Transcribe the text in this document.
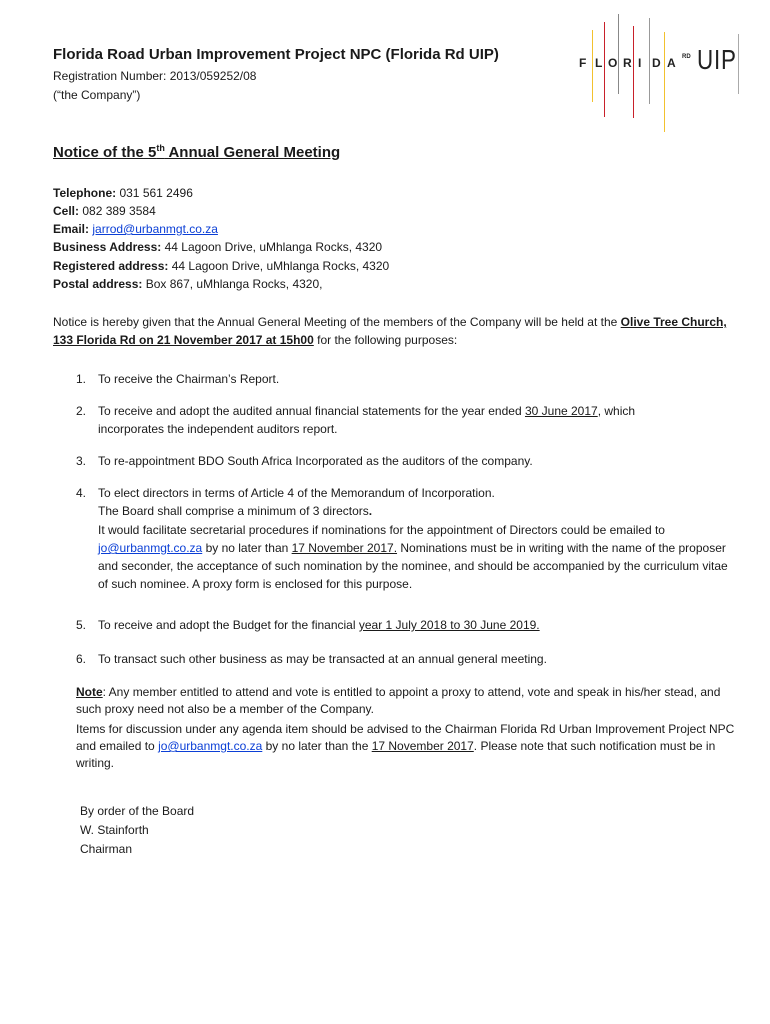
Florida Road Urban Improvement Project NPC (Florida Rd UIP)
Registration Number: 2013/059252/08
(“the Company”)
F L O R I D A RD UIP
Notice of the 5th Annual General Meeting
Telephone: 031 561 2496
Cell: 082 389 3584
Email: jarrod@urbanmgt.co.za
Business Address: 44 Lagoon Drive, uMhlanga Rocks, 4320
Registered address: 44 Lagoon Drive, uMhlanga Rocks, 4320
Postal address: Box 867, uMhlanga Rocks, 4320,
Notice is hereby given that the Annual General Meeting of the members of the Company will be held at the Olive Tree Church, 133 Florida Rd on 21 November 2017 at 15h00 for the following purposes:
1. To receive the Chairman’s Report.
2. To receive and adopt the audited annual financial statements for the year ended 30 June 2017, which incorporates the independent auditors report.
3. To re-appointment BDO South Africa Incorporated as the auditors of the company.
4. To elect directors in terms of Article 4 of the Memorandum of Incorporation.
The Board shall comprise a minimum of 3 directors.
It would facilitate secretarial procedures if nominations for the appointment of Directors could be emailed to jo@urbanmgt.co.za by no later than 17 November 2017. Nominations must be in writing with the name of the proposer and seconder, the acceptance of such nomination by the nominee, and should be accompanied by the curriculum vitae of such nominee. A proxy form is enclosed for this purpose.
5. To receive and adopt the Budget for the financial year 1 July 2018 to 30 June 2019.
6. To transact such other business as may be transacted at an annual general meeting.
Note: Any member entitled to attend and vote is entitled to appoint a proxy to attend, vote and speak in his/her stead, and such proxy need not also be a member of the Company.
Items for discussion under any agenda item should be advised to the Chairman Florida Rd Urban Improvement Project NPC and emailed to jo@urbanmgt.co.za by no later than the 17 November 2017. Please note that such notification must be in writing.
By order of the Board
W. Stainforth
Chairman
